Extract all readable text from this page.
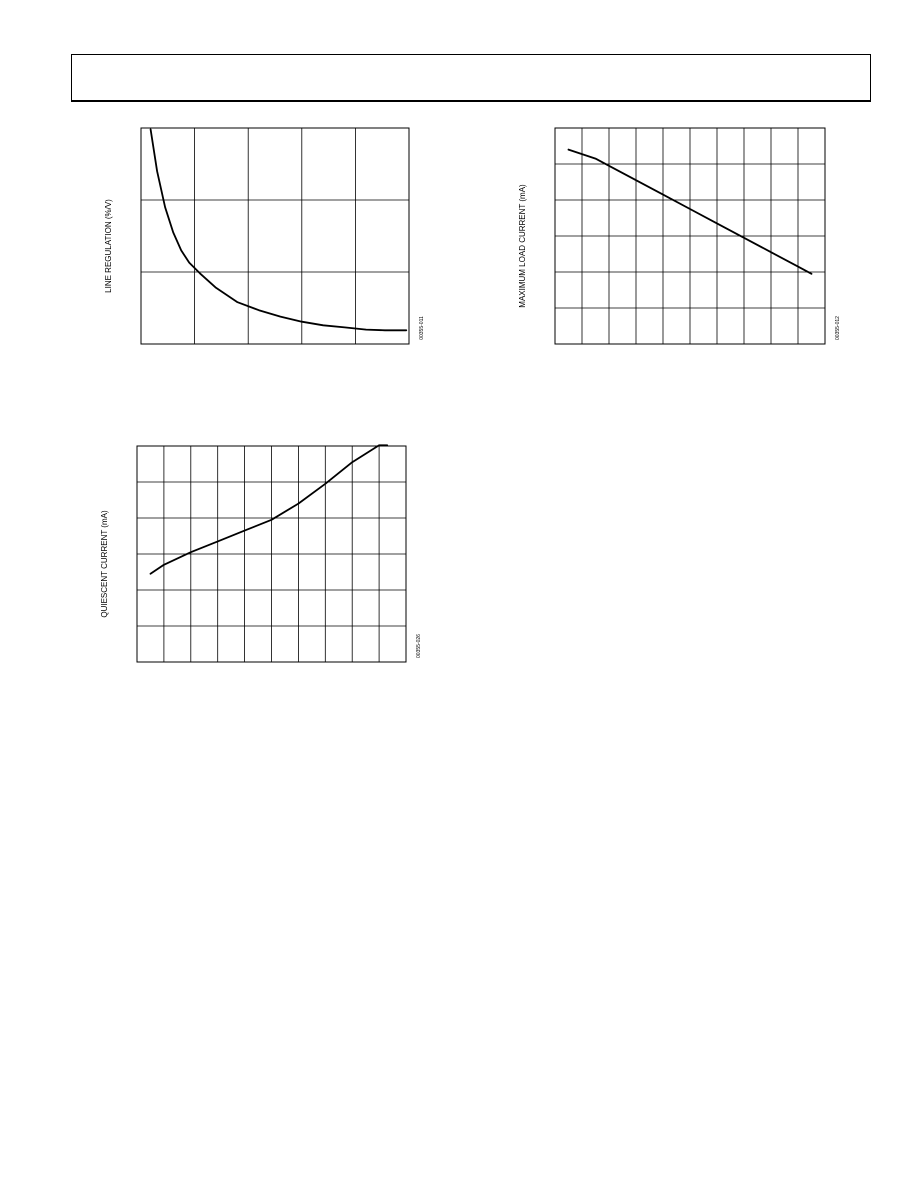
LINE REGULATION (%/V)
00355-011
MAXIMUM LOAD CURRENT (mA)
00355-012
QUIESCENT CURRENT (mA)
00355-026
